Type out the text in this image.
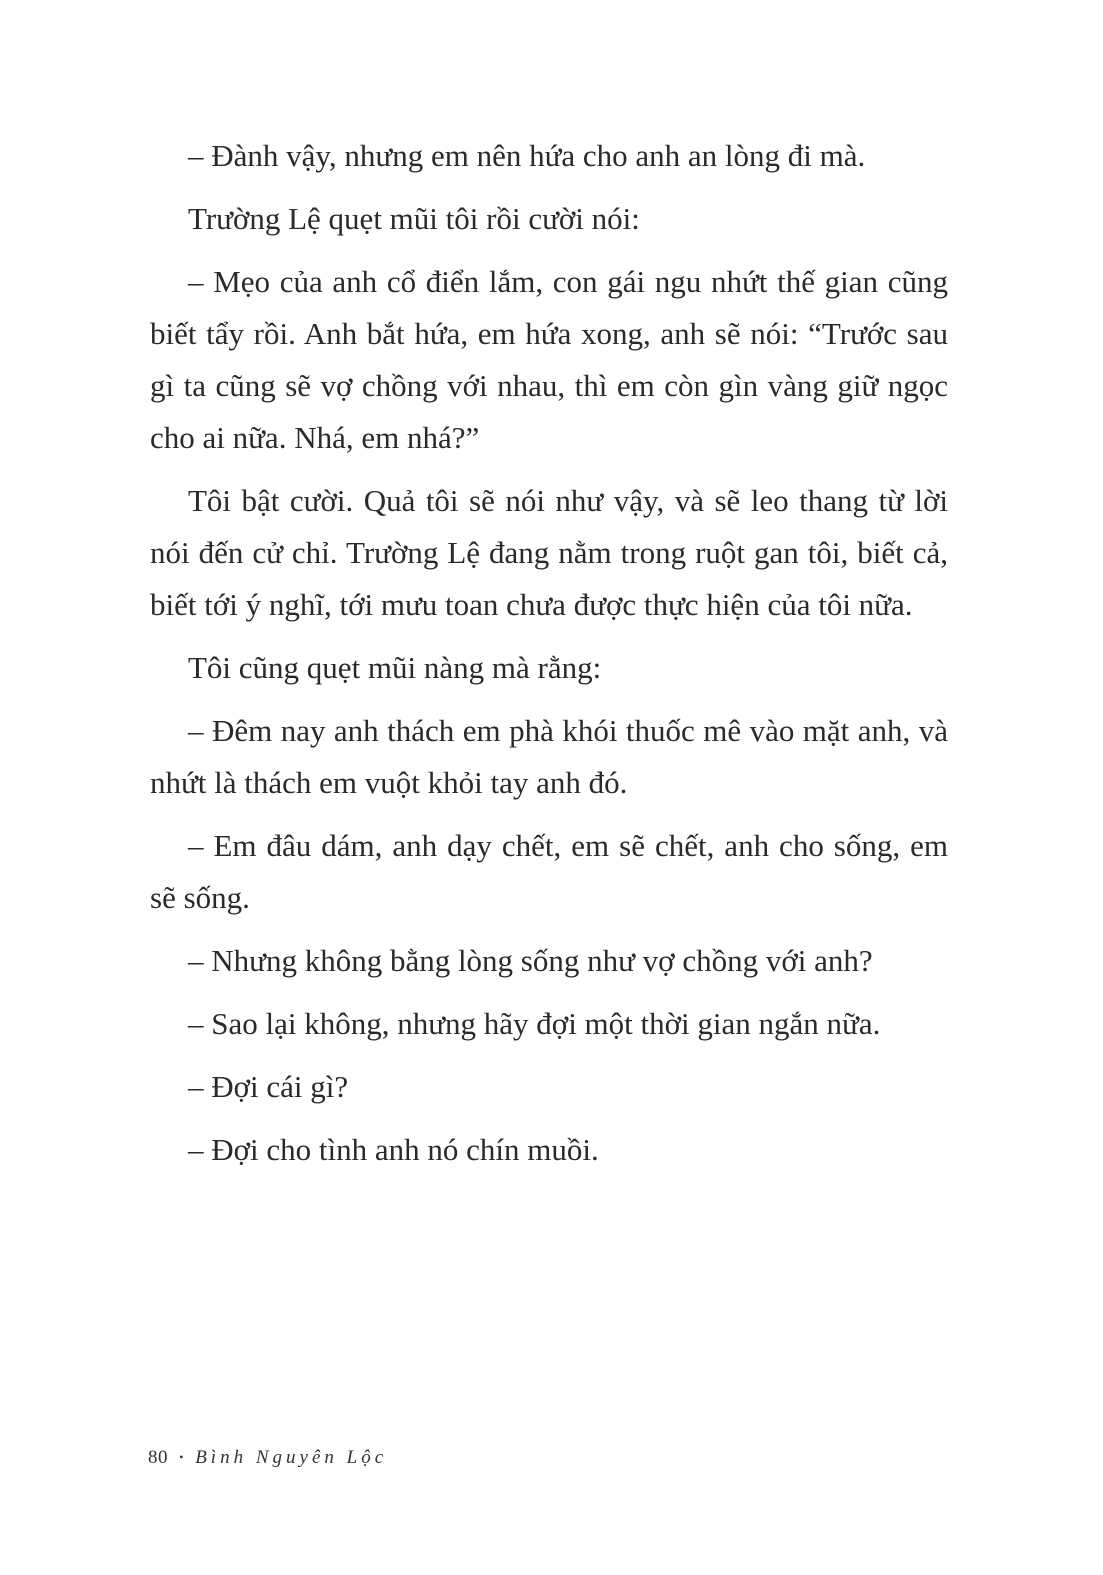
– Đành vậy, nhưng em nên hứa cho anh an lòng đi mà.

Trường Lệ quẹt mũi tôi rồi cười nói:

– Mẹo của anh cổ điển lắm, con gái ngu nhứt thế gian cũng biết tẩy rồi. Anh bắt hứa, em hứa xong, anh sẽ nói: “Trước sau gì ta cũng sẽ vợ chồng với nhau, thì em còn gìn vàng giữ ngọc cho ai nữa. Nhá, em nhá?”

Tôi bật cười. Quả tôi sẽ nói như vậy, và sẽ leo thang từ lời nói đến cử chỉ. Trường Lệ đang nằm trong ruột gan tôi, biết cả, biết tới ý nghĩ, tới mưu toan chưa được thực hiện của tôi nữa.

Tôi cũng quẹt mũi nàng mà rằng:

– Đêm nay anh thách em phà khói thuốc mê vào mặt anh, và nhứt là thách em vuột khỏi tay anh đó.

– Em đâu dám, anh dạy chết, em sẽ chết, anh cho sống, em sẽ sống.

– Nhưng không bằng lòng sống như vợ chồng với anh?

– Sao lại không, nhưng hãy đợi một thời gian ngắn nữa.

– Đợi cái gì?

– Đợi cho tình anh nó chín muồi.

80 • Bình Nguyên Lộc
